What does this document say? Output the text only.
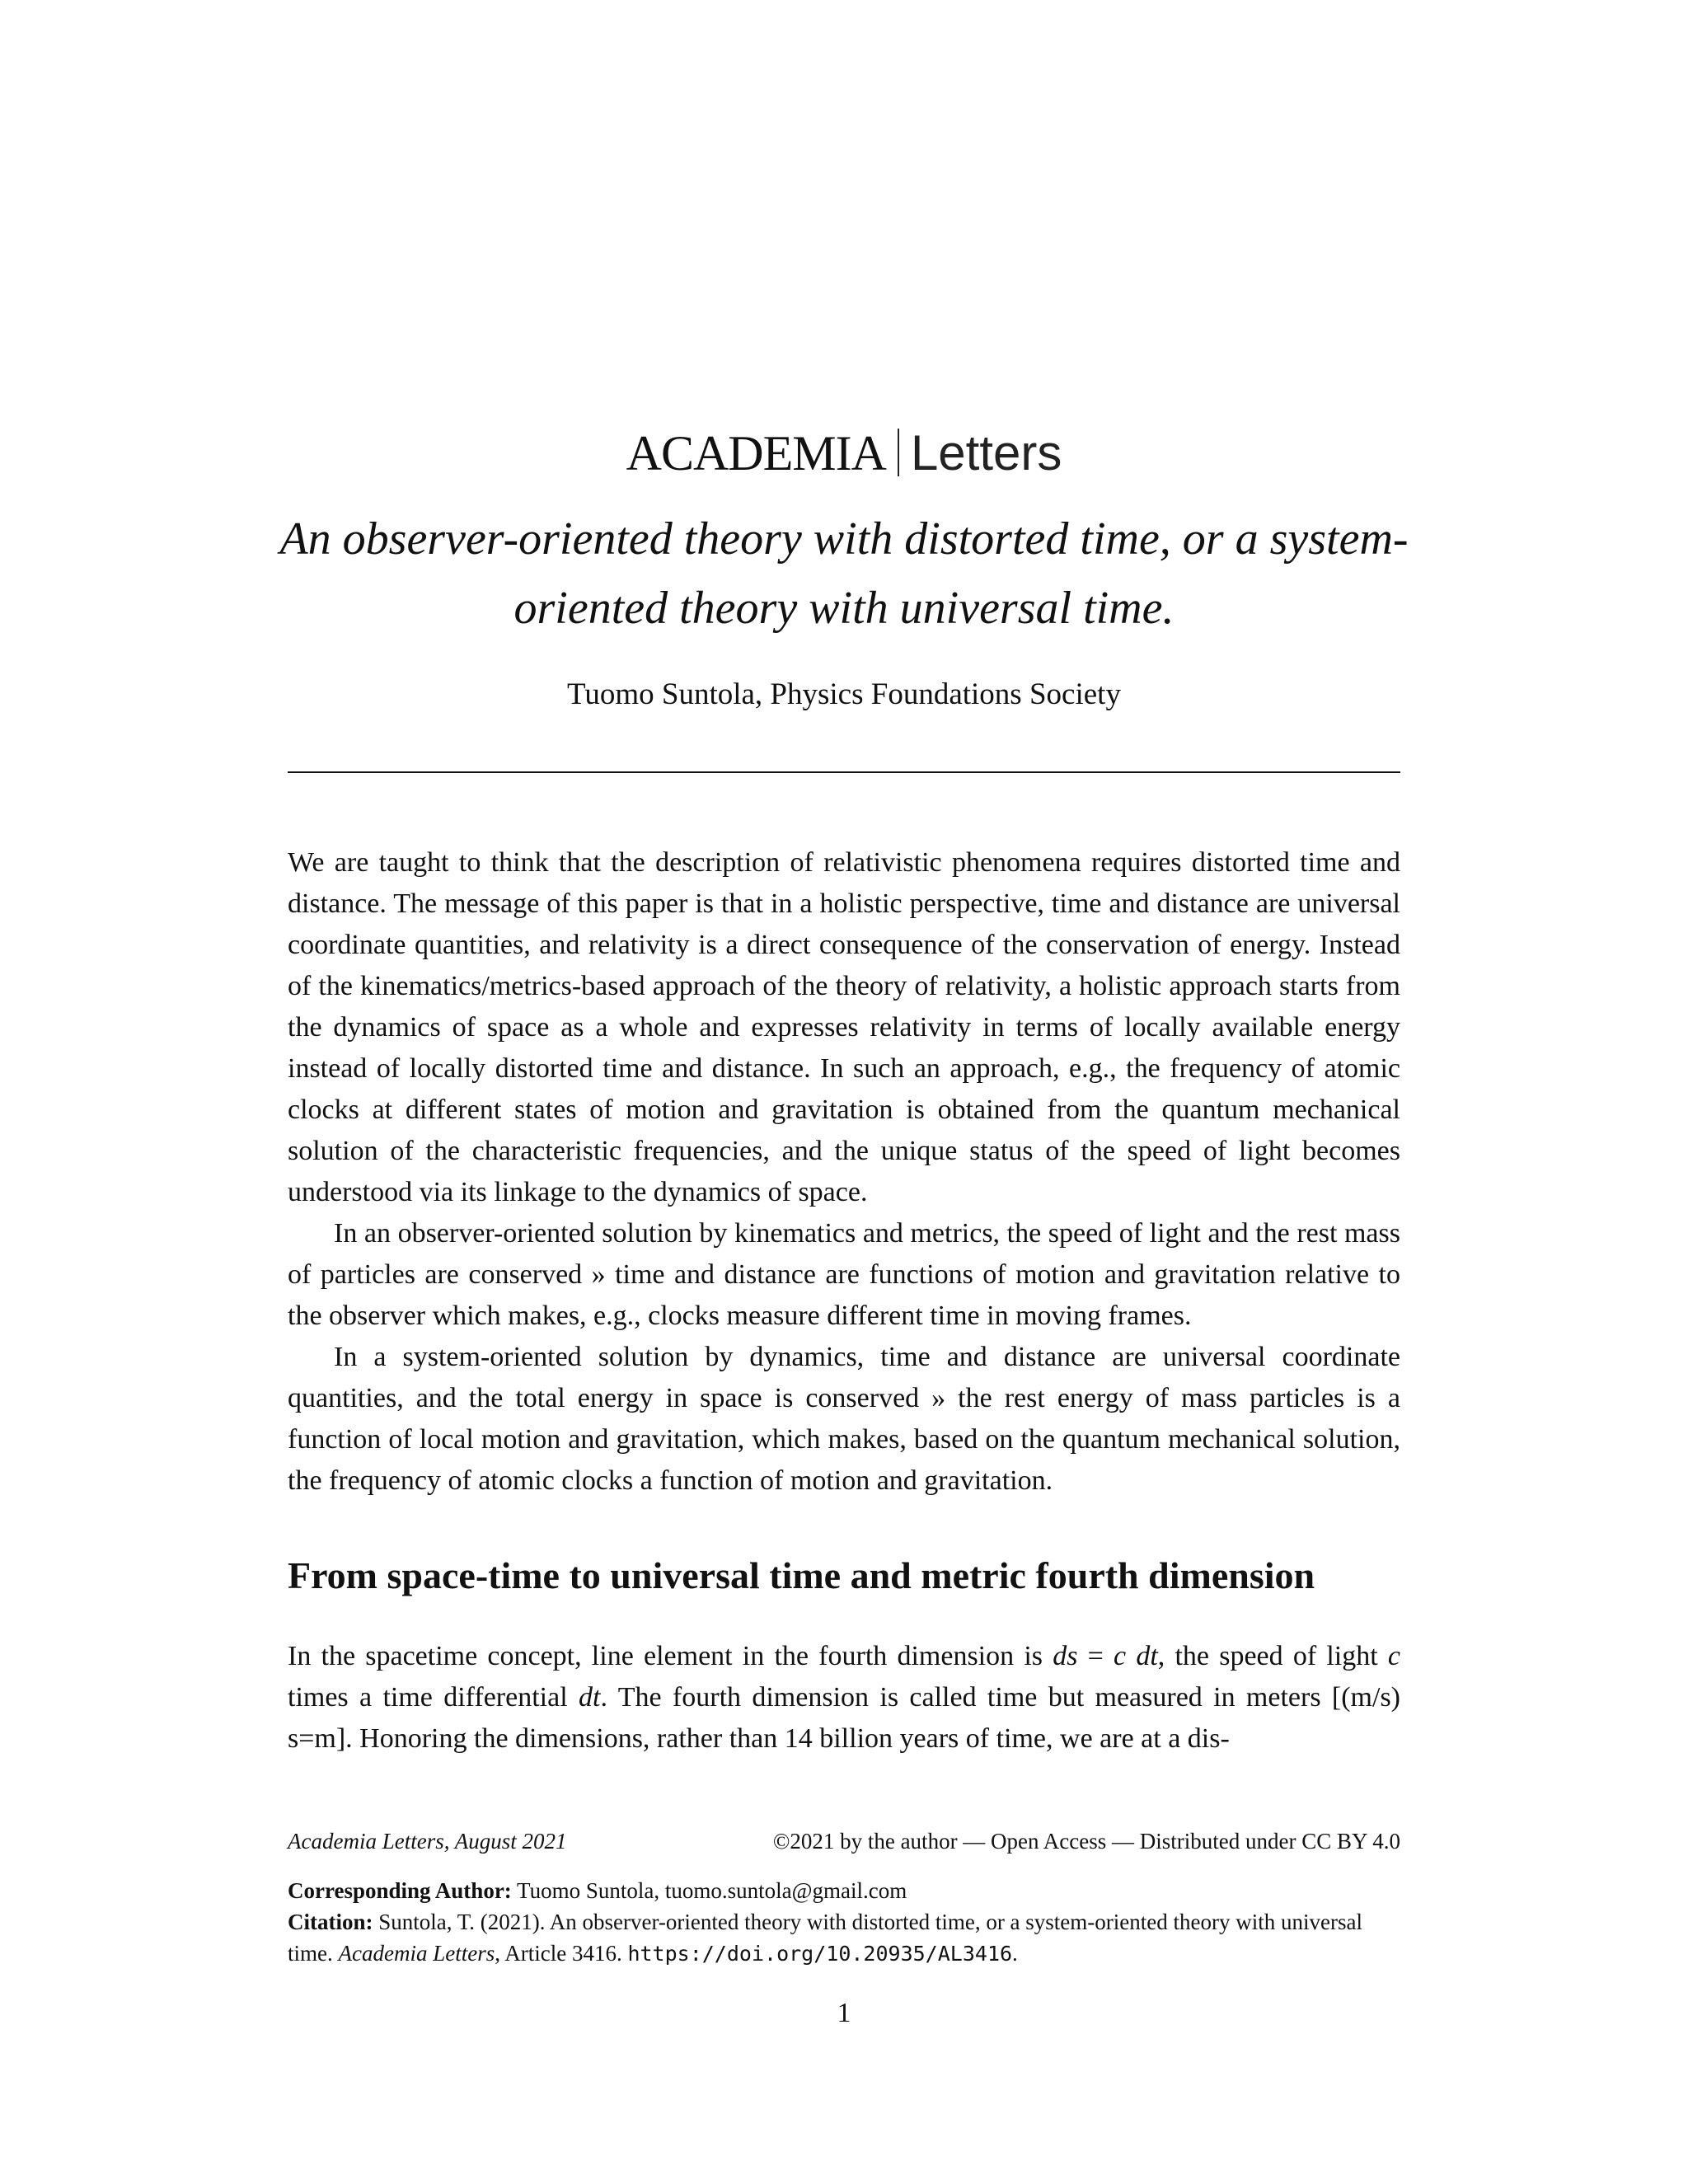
ACADEMIA Letters
An observer-oriented theory with distorted time, or a system-oriented theory with universal time.
Tuomo Suntola, Physics Foundations Society

We are taught to think that the description of relativistic phenomena requires distorted time and distance. The message of this paper is that in a holistic perspective, time and distance are universal coordinate quantities, and relativity is a direct consequence of the conservation of energy. Instead of the kinematics/metrics-based approach of the theory of relativity, a holistic approach starts from the dynamics of space as a whole and expresses relativity in terms of locally available energy instead of locally distorted time and distance. In such an approach, e.g., the frequency of atomic clocks at different states of motion and gravitation is obtained from the quantum mechanical solution of the characteristic frequencies, and the unique status of the speed of light becomes understood via its linkage to the dynamics of space.

In an observer-oriented solution by kinematics and metrics, the speed of light and the rest mass of particles are conserved » time and distance are functions of motion and gravitation relative to the observer which makes, e.g., clocks measure different time in moving frames.

In a system-oriented solution by dynamics, time and distance are universal coordinate quantities, and the total energy in space is conserved » the rest energy of mass particles is a function of local motion and gravitation, which makes, based on the quantum mechanical solution, the frequency of atomic clocks a function of motion and gravitation.

From space-time to universal time and metric fourth dimension

In the spacetime concept, line element in the fourth dimension is ds = c dt, the speed of light c times a time differential dt. The fourth dimension is called time but measured in meters [(m/s) s=m]. Honoring the dimensions, rather than 14 billion years of time, we are at a dis-

Academia Letters, August 2021	©2021 by the author — Open Access — Distributed under CC BY 4.0

Corresponding Author: Tuomo Suntola, tuomo.suntola@gmail.com

Citation: Suntola, T. (2021). An observer-oriented theory with distorted time, or a system-oriented theory with universal time. Academia Letters, Article 3416. https://doi.org/10.20935/AL3416.

1
